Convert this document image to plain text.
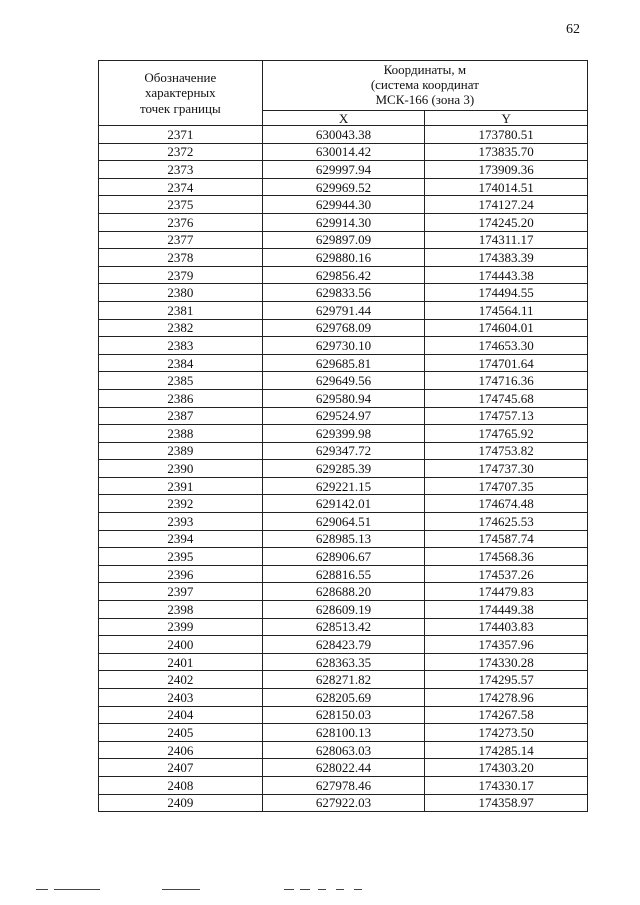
62
Обозначение
характерных
точек границы	Координаты, м
(система координат
МСК-166 (зона 3)	

	X	Y
2371	630043.38	173780.51
2372	630014.42	173835.70
2373	629997.94	173909.36
2374	629969.52	174014.51
2375	629944.30	174127.24
2376	629914.30	174245.20
2377	629897.09	174311.17
2378	629880.16	174383.39
2379	629856.42	174443.38
2380	629833.56	174494.55
2381	629791.44	174564.11
2382	629768.09	174604.01
2383	629730.10	174653.30
2384	629685.81	174701.64
2385	629649.56	174716.36
2386	629580.94	174745.68
2387	629524.97	174757.13
2388	629399.98	174765.92
2389	629347.72	174753.82
2390	629285.39	174737.30
2391	629221.15	174707.35
2392	629142.01	174674.48
2393	629064.51	174625.53
2394	628985.13	174587.74
2395	628906.67	174568.36
2396	628816.55	174537.26
2397	628688.20	174479.83
2398	628609.19	174449.38
2399	628513.42	174403.83
2400	628423.79	174357.96
2401	628363.35	174330.28
2402	628271.82	174295.57
2403	628205.69	174278.96
2404	628150.03	174267.58
2405	628100.13	174273.50
2406	628063.03	174285.14
2407	628022.44	174303.20
2408	627978.46	174330.17
2409	627922.03	174358.97
